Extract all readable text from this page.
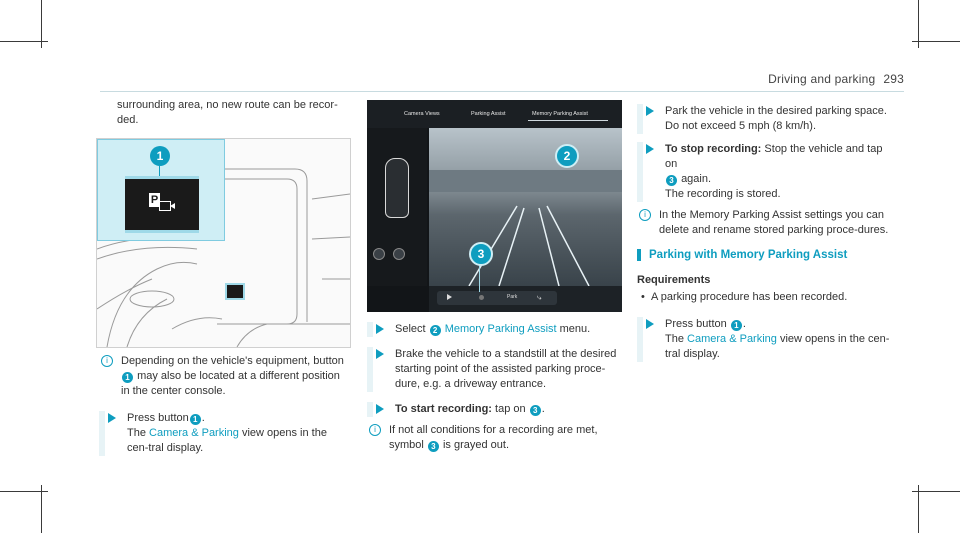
Driving and parking 293
surrounding area, no new route can be recor-ded.
1
P
i	Depending on the vehicle's equipment, button 1 may also be located at a different position in the center console.
Press button 1 .
The Camera & Parking view opens in the cen-tral display.
Camera Views	Parking Assist	Memory Parking Assist
2
Park ⤷
3
Select 2 Memory Parking Assist menu.
Brake the vehicle to a standstill at the desired starting point of the assisted parking proce-dure, e.g. a driveway entrance.
To start recording: tap on 3 .
i	If not all conditions for a recording are met, symbol 3 is grayed out.
Park the vehicle in the desired parking space. Do not exceed 5 mph (8 km/h).
To stop recording: Stop the vehicle and tap on
3 again.
The recording is stored.
i	In the Memory Parking Assist settings you can delete and rename stored parking proce-dures.
Parking with Memory Parking Assist
Requirements
• A parking procedure has been recorded.
Press button 1 .
The Camera & Parking view opens in the cen-tral display.
